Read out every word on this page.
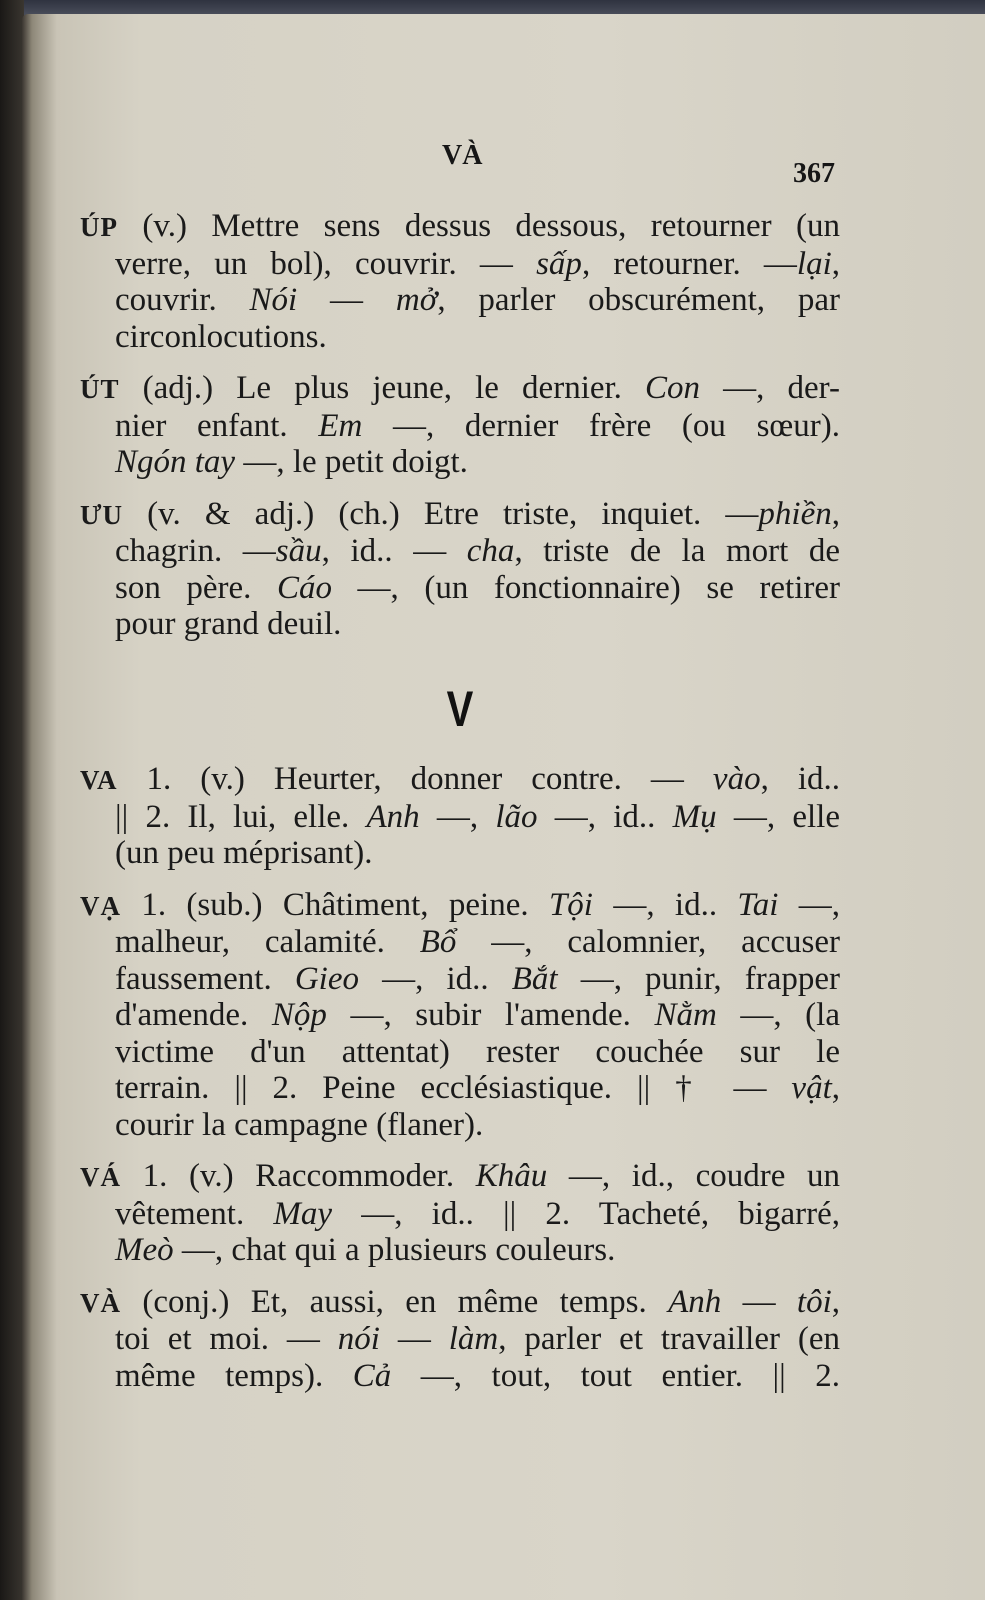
VÀ
367
ÚP (v.) Mettre sens dessus dessous, retourner (un
verre, un bol), couvrir. — sấp, retourner. —lại,
couvrir. Nói — mở, parler obscurément, par
circonlocutions.
ÚT (adj.) Le plus jeune, le dernier. Con —, der-
nier enfant. Em —, dernier frère (ou sœur).
Ngón tay —, le petit doigt.
ƯU (v. & adj.) (ch.) Etre triste, inquiet. —phiền,
chagrin. —sầu, id.. — cha, triste de la mort de
son père. Cáo —, (un fonctionnaire) se retirer
pour grand deuil.
V
VA 1. (v.) Heurter, donner contre. — vào, id..
|| 2. Il, lui, elle. Anh —, lão —, id.. Mụ —, elle
(un peu méprisant).
VẠ 1. (sub.) Châtiment, peine. Tội —, id.. Tai —,
malheur, calamité. Bổ —, calomnier, accuser
faussement. Gieo —, id.. Bắt —, punir, frapper
d'amende. Nộp —, subir l'amende. Nằm —, (la
victime d'un attentat) rester couchée sur le
terrain. || 2. Peine ecclésiastique. || † — vật,
courir la campagne (flaner).
VÁ 1. (v.) Raccommoder. Khâu —, id., coudre un
vêtement. May —, id.. || 2. Tacheté, bigarré,
Meò —, chat qui a plusieurs couleurs.
VÀ (conj.) Et, aussi, en même temps. Anh — tôi,
toi et moi. — nói — làm, parler et travailler (en
même temps). Cả —, tout, tout entier. || 2.
